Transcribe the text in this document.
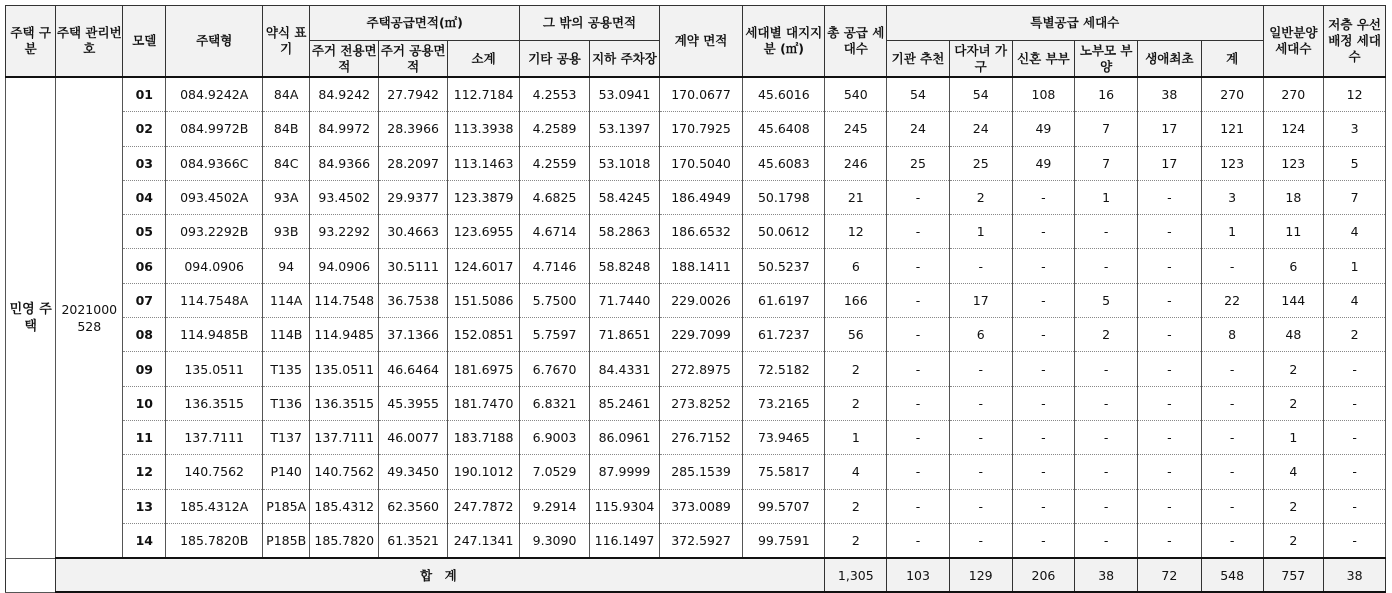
주택 구분	주택 관리번호	모델	주택형	약식 표기	주택공급면적(㎡)			그 밖의 공용면적		계약 면적	세대별 대지지분 (㎡)	총 공급 세대수	특별공급 세대수						일반분양 세대수	저층 우선배정 세대수
					주거 전용면적	주거 공용면적	소계	기타 공용	지하 주차장				기관 추천	다자녀 가구	신혼 부부	노부모 부양	생애최초	계		
민영 주택	2021000 528	01	084.9242A	84A	84.9242	27.7942	112.7184	4.2553	53.0941	170.0677	45.6016	540	54	54	108	16	38	270	270	12
		02	084.9972B	84B	84.9972	28.3966	113.3938	4.2589	53.1397	170.7925	45.6408	245	24	24	49	7	17	121	124	3
		03	084.9366C	84C	84.9366	28.2097	113.1463	4.2559	53.1018	170.5040	45.6083	246	25	25	49	7	17	123	123	5
		04	093.4502A	93A	93.4502	29.9377	123.3879	4.6825	58.4245	186.4949	50.1798	21	-	2	-	1	-	3	18	7
		05	093.2292B	93B	93.2292	30.4663	123.6955	4.6714	58.2863	186.6532	50.0612	12	-	1	-	-	-	1	11	4
		06	094.0906	94	94.0906	30.5111	124.6017	4.7146	58.8248	188.1411	50.5237	6	-	-	-	-	-	-	6	1
		07	114.7548A	114A	114.7548	36.7538	151.5086	5.7500	71.7440	229.0026	61.6197	166	-	17	-	5	-	22	144	4
		08	114.9485B	114B	114.9485	37.1366	152.0851	5.7597	71.8651	229.7099	61.7237	56	-	6	-	2	-	8	48	2
		09	135.0511	T135	135.0511	46.6464	181.6975	6.7670	84.4331	272.8975	72.5182	2	-	-	-	-	-	-	2	-
		10	136.3515	T136	136.3515	45.3955	181.7470	6.8321	85.2461	273.8252	73.2165	2	-	-	-	-	-	-	2	-
		11	137.7111	T137	137.7111	46.0077	183.7188	6.9003	86.0961	276.7152	73.9465	1	-	-	-	-	-	-	1	-
		12	140.7562	P140	140.7562	49.3450	190.1012	7.0529	87.9999	285.1539	75.5817	4	-	-	-	-	-	-	4	-
		13	185.4312A	P185A	185.4312	62.3560	247.7872	9.2914	115.9304	373.0089	99.5707	2	-	-	-	-	-	-	2	-
		14	185.7820B	P185B	185.7820	61.3521	247.1341	9.3090	116.1497	372.5927	99.7591	2	-	-	-	-	-	-	2	-
	합 계											1,305	103	129	206	38	72	548	757	38
